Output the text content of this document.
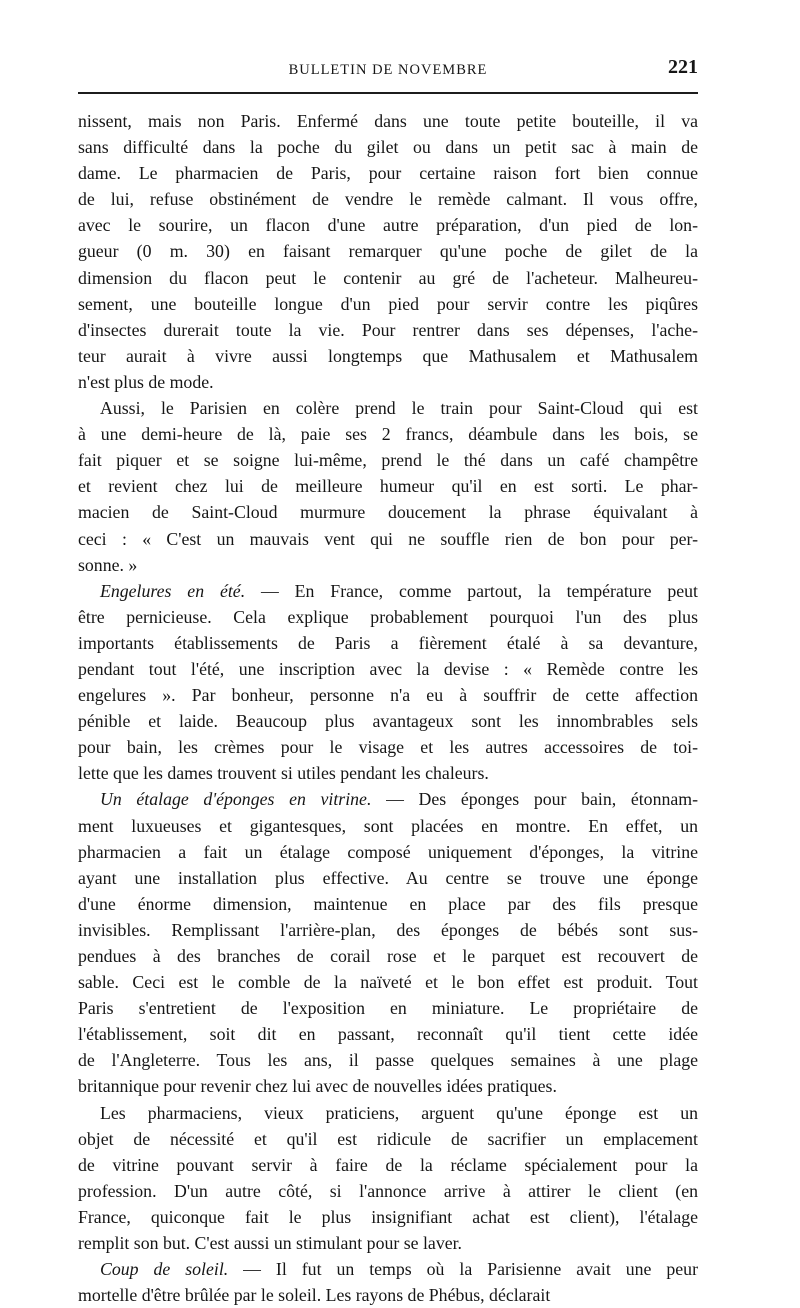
BULLETIN DE NOVEMBRE	221
nissent, mais non Paris. Enfermé dans une toute petite bouteille, il va
sans difficulté dans la poche du gilet ou dans un petit sac à main de
dame. Le pharmacien de Paris, pour certaine raison fort bien connue
de lui, refuse obstinément de vendre le remède calmant. Il vous offre,
avec le sourire, un flacon d'une autre préparation, d'un pied de lon-
gueur (0 m. 30) en faisant remarquer qu'une poche de gilet de la
dimension du flacon peut le contenir au gré de l'acheteur. Malheureu-
sement, une bouteille longue d'un pied pour servir contre les piqûres
d'insectes durerait toute la vie. Pour rentrer dans ses dépenses, l'ache-
teur aurait à vivre aussi longtemps que Mathusalem et Mathusalem
n'est plus de mode.
Aussi, le Parisien en colère prend le train pour Saint-Cloud qui est
à une demi-heure de là, paie ses 2 francs, déambule dans les bois, se
fait piquer et se soigne lui-même, prend le thé dans un café champêtre
et revient chez lui de meilleure humeur qu'il en est sorti. Le phar-
macien de Saint-Cloud murmure doucement la phrase équivalant à
ceci : « C'est un mauvais vent qui ne souffle rien de bon pour per-
sonne. »
Engelures en été. — En France, comme partout, la température peut
être pernicieuse. Cela explique probablement pourquoi l'un des plus
importants établissements de Paris a fièrement étalé à sa devanture,
pendant tout l'été, une inscription avec la devise : « Remède contre les
engelures ». Par bonheur, personne n'a eu à souffrir de cette affection
pénible et laide. Beaucoup plus avantageux sont les innombrables sels
pour bain, les crèmes pour le visage et les autres accessoires de toi-
lette que les dames trouvent si utiles pendant les chaleurs.
Un étalage d'éponges en vitrine. — Des éponges pour bain, étonnam-
ment luxueuses et gigantesques, sont placées en montre. En effet, un
pharmacien a fait un étalage composé uniquement d'éponges, la vitrine
ayant une installation plus effective. Au centre se trouve une éponge
d'une énorme dimension, maintenue en place par des fils presque
invisibles. Remplissant l'arrière-plan, des éponges de bébés sont sus-
pendues à des branches de corail rose et le parquet est recouvert de
sable. Ceci est le comble de la naïveté et le bon effet est produit. Tout
Paris s'entretient de l'exposition en miniature. Le propriétaire de
l'établissement, soit dit en passant, reconnaît qu'il tient cette idée
de l'Angleterre. Tous les ans, il passe quelques semaines à une plage
britannique pour revenir chez lui avec de nouvelles idées pratiques.
Les pharmaciens, vieux praticiens, arguent qu'une éponge est un
objet de nécessité et qu'il est ridicule de sacrifier un emplacement
de vitrine pouvant servir à faire de la réclame spécialement pour la
profession. D'un autre côté, si l'annonce arrive à attirer le client (en
France, quiconque fait le plus insignifiant achat est client), l'étalage
remplit son but. C'est aussi un stimulant pour se laver.
Coup de soleil. — Il fut un temps où la Parisienne avait une peur
mortelle d'être brûlée par le soleil. Les rayons de Phébus, déclarait
